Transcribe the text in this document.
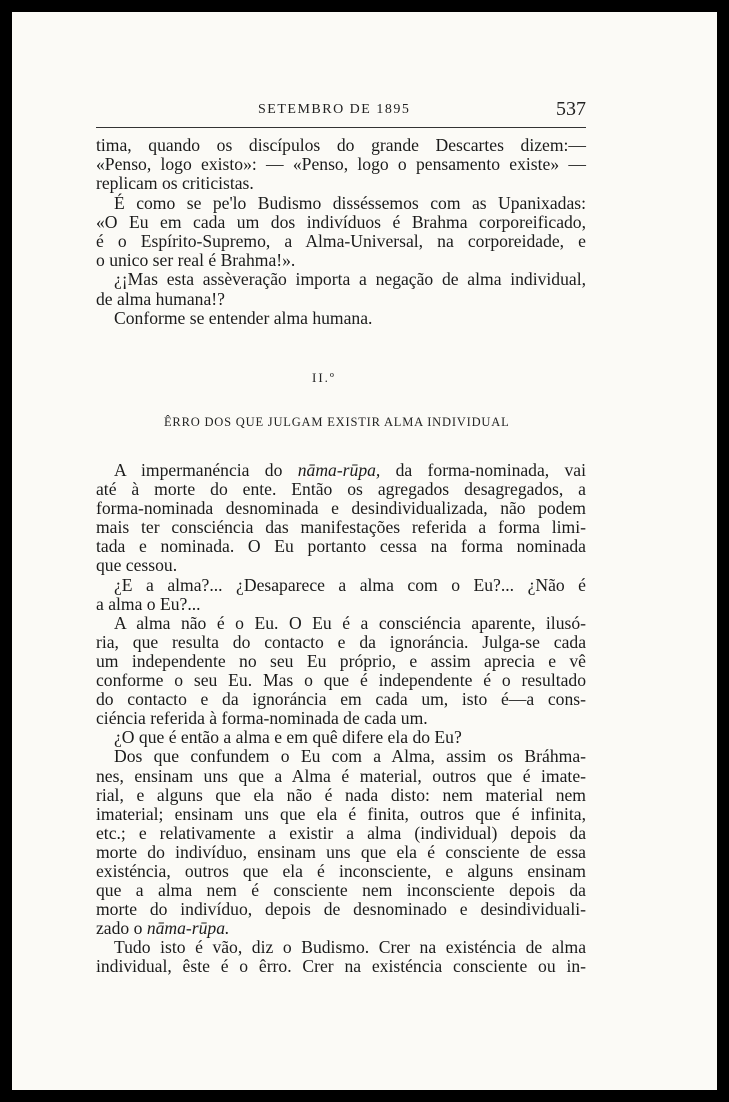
SETEMBRO DE 1895	537
tima, quando os discípulos do grande Descartes dizem:—
«Penso, logo existo»: — «Penso, logo o pensamento existe» —
replicam os criticistas.
É como se pe'lo Budismo disséssemos com as Upanixadas:
«O Eu em cada um dos indivíduos é Brahma corporeificado,
é o Espírito-Supremo, a Alma-Universal, na corporeidade, e
o unico ser real é Brahma!».
¿¡Mas esta assèveração importa a negação de alma individual,
de alma humana!?
Conforme se entender alma humana.
II.º
ÊRRO DOS QUE JULGAM EXISTIR ALMA INDIVIDUAL
A impermanéncia do nāma-rūpa, da forma-nominada, vai
até à morte do ente. Então os agregados desagregados, a
forma-nominada desnominada e desindividualizada, não podem
mais ter consciéncia das manifestações referida a forma limi-
tada e nominada. O Eu portanto cessa na forma nominada
que cessou.
¿E a alma?... ¿Desaparece a alma com o Eu?... ¿Não é
a alma o Eu?...
A alma não é o Eu. O Eu é a consciéncia aparente, ilusó-
ria, que resulta do contacto e da ignoráncia. Julga-se cada
um independente no seu Eu próprio, e assim aprecia e vê
conforme o seu Eu. Mas o que é independente é o resultado
do contacto e da ignoráncia em cada um, isto é—a cons-
ciéncia referida à forma-nominada de cada um.
¿O que é então a alma e em quê difere ela do Eu?
Dos que confundem o Eu com a Alma, assim os Bráhma-
nes, ensinam uns que a Alma é material, outros que é imate-
rial, e alguns que ela não é nada disto: nem material nem
imaterial; ensinam uns que ela é finita, outros que é infinita,
etc.; e relativamente a existir a alma (individual) depois da
morte do indivíduo, ensinam uns que ela é consciente de essa
existéncia, outros que ela é inconsciente, e alguns ensinam
que a alma nem é consciente nem inconsciente depois da
morte do indivíduo, depois de desnominado e desindividuali-
zado o nāma-rūpa.
Tudo isto é vão, diz o Budismo. Crer na existéncia de alma
individual, êste é o êrro. Crer na existéncia consciente ou in-
